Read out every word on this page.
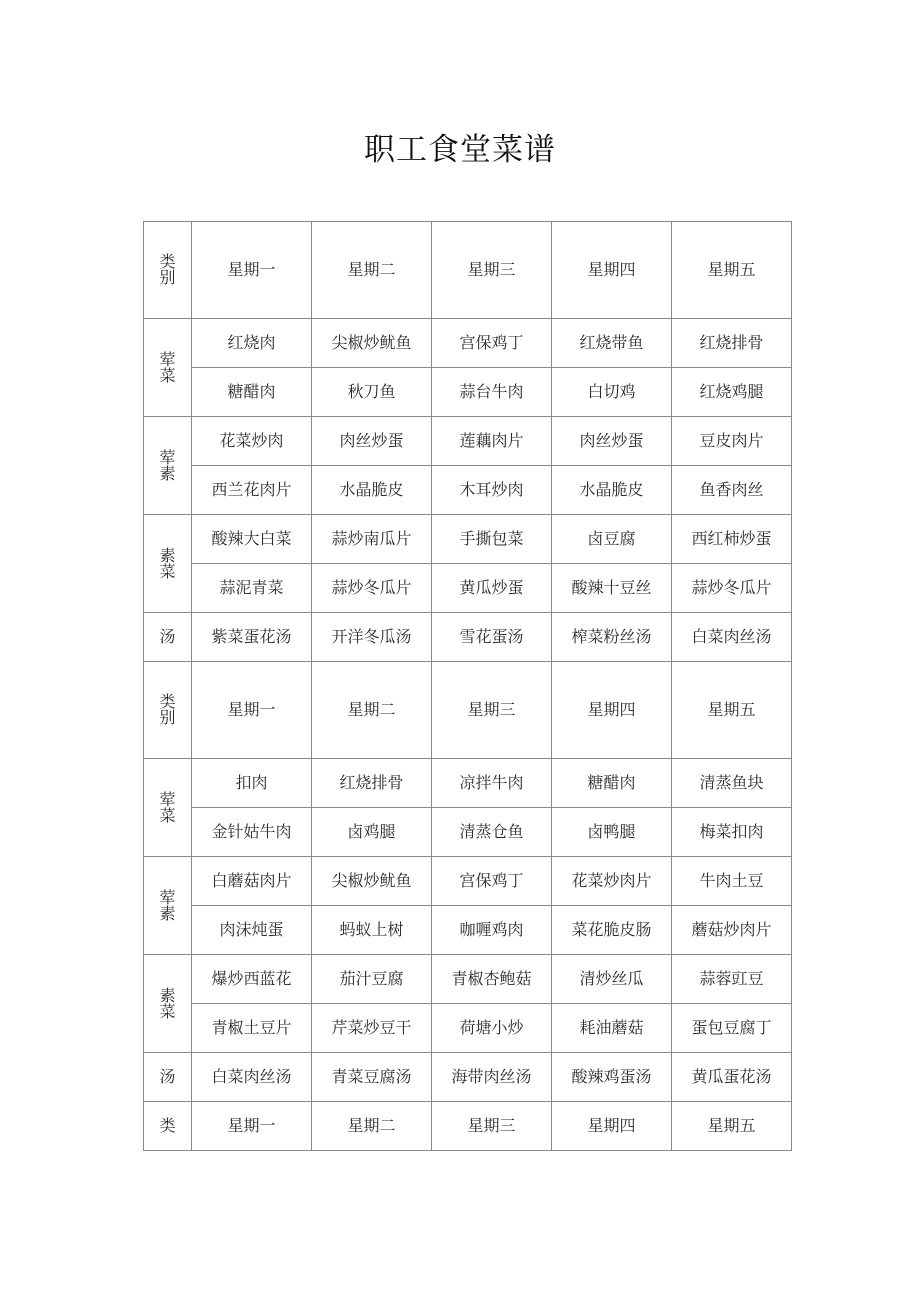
职工食堂菜谱
类
别	星期一	星期二	星期三	星期四	星期五

荤
菜	红烧肉	尖椒炒鱿鱼	宫保鸡丁	红烧带鱼	红烧排骨
	糖醋肉	秋刀鱼	蒜台牛肉	白切鸡	红烧鸡腿

荤
素	花菜炒肉	肉丝炒蛋	莲藕肉片	肉丝炒蛋	豆皮肉片
	西兰花肉片	水晶脆皮	木耳炒肉	水晶脆皮	鱼香肉丝

素
菜	酸辣大白菜	蒜炒南瓜片	手撕包菜	卤豆腐	西红柿炒蛋
	蒜泥青菜	蒜炒冬瓜片	黄瓜炒蛋	酸辣十豆丝	蒜炒冬瓜片
汤	紫菜蛋花汤	开洋冬瓜汤	雪花蛋汤	榨菜粉丝汤	白菜肉丝汤

类
别	星期一	星期二	星期三	星期四	星期五

荤
菜	扣肉	红烧排骨	凉拌牛肉	糖醋肉	清蒸鱼块
	金针姑牛肉	卤鸡腿	清蒸仓鱼	卤鸭腿	梅菜扣肉

荤
素	白蘑菇肉片	尖椒炒鱿鱼	宫保鸡丁	花菜炒肉片	牛肉土豆
	肉沫炖蛋	蚂蚁上树	咖喱鸡肉	菜花脆皮肠	蘑菇炒肉片

素
菜	爆炒西蓝花	茄汁豆腐	青椒杏鲍菇	清炒丝瓜	蒜蓉豇豆
	青椒土豆片	芹菜炒豆干	荷塘小炒	耗油蘑菇	蛋包豆腐丁
汤	白菜肉丝汤	青菜豆腐汤	海带肉丝汤	酸辣鸡蛋汤	黄瓜蛋花汤
类	星期一	星期二	星期三	星期四	星期五
